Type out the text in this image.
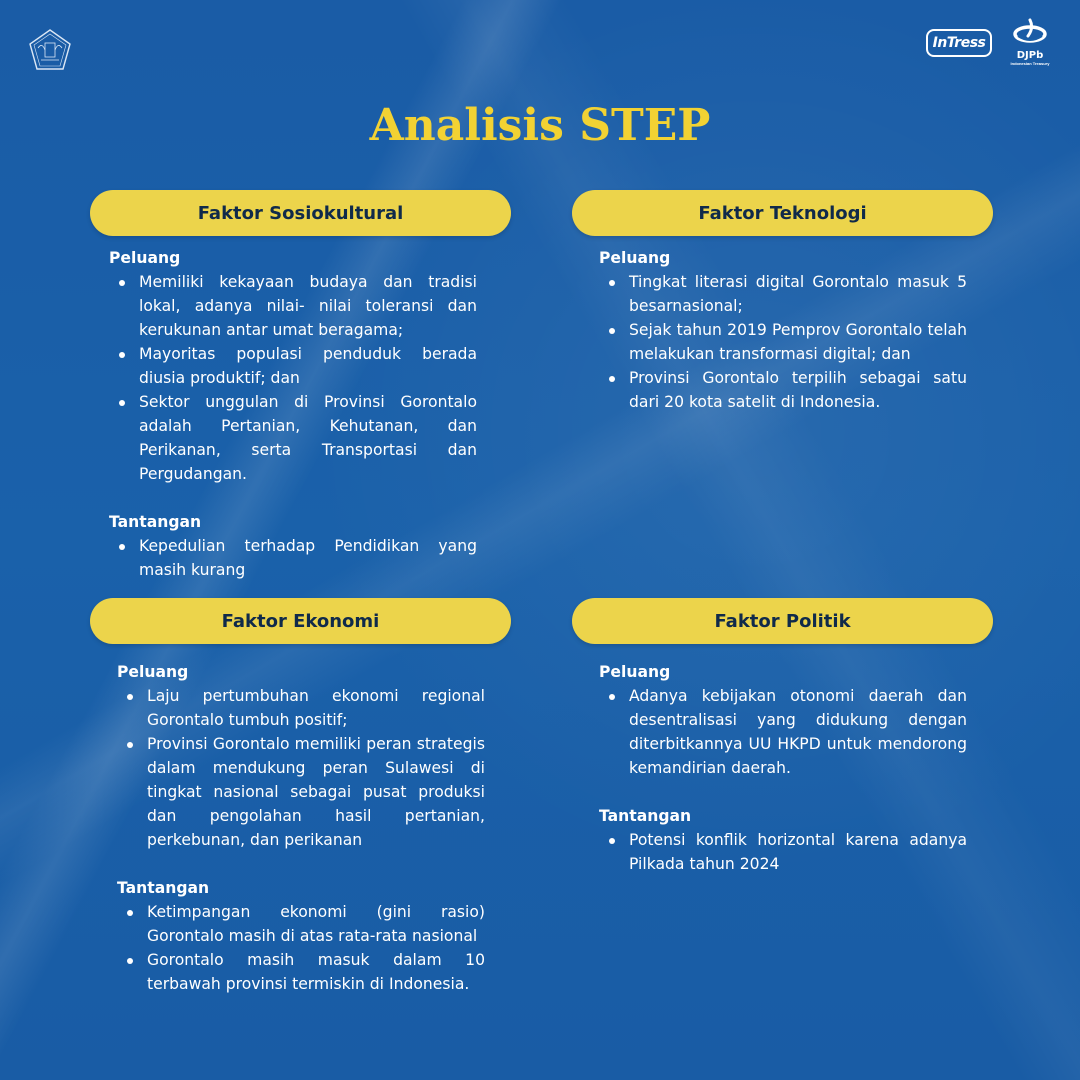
InTress
DJPb
Indonesian Treasury
Analisis STEP
Faktor Sosiokultural
Peluang
Memiliki kekayaan budaya dan tradisi lokal, adanya nilai- nilai toleransi dan kerukunan antar umat beragama;
Mayoritas populasi penduduk berada diusia produktif; dan
Sektor unggulan di Provinsi Gorontalo adalah Pertanian, Kehutanan, dan Perikanan, serta Transportasi dan Pergudangan.
Tantangan
Kepedulian terhadap Pendidikan yang masih kurang
Faktor Teknologi
Peluang
Tingkat literasi digital Gorontalo masuk 5 besarnasional;
Sejak tahun 2019 Pemprov Gorontalo telah melakukan transformasi digital; dan
Provinsi Gorontalo terpilih sebagai satu dari 20 kota satelit di Indonesia.
Faktor Ekonomi
Peluang
Laju pertumbuhan ekonomi regional Gorontalo tumbuh positif;
Provinsi Gorontalo memiliki peran strategis dalam mendukung peran Sulawesi di tingkat nasional sebagai pusat produksi dan pengolahan hasil pertanian, perkebunan, dan perikanan
Tantangan
Ketimpangan ekonomi (gini rasio) Gorontalo masih di atas rata-rata nasional
Gorontalo masih masuk dalam 10 terbawah provinsi termiskin di Indonesia.
Faktor Politik
Peluang
Adanya kebijakan otonomi daerah dan desentralisasi yang didukung dengan diterbitkannya UU HKPD untuk mendorong kemandirian daerah.
Tantangan
Potensi konflik horizontal karena adanya Pilkada tahun 2024
